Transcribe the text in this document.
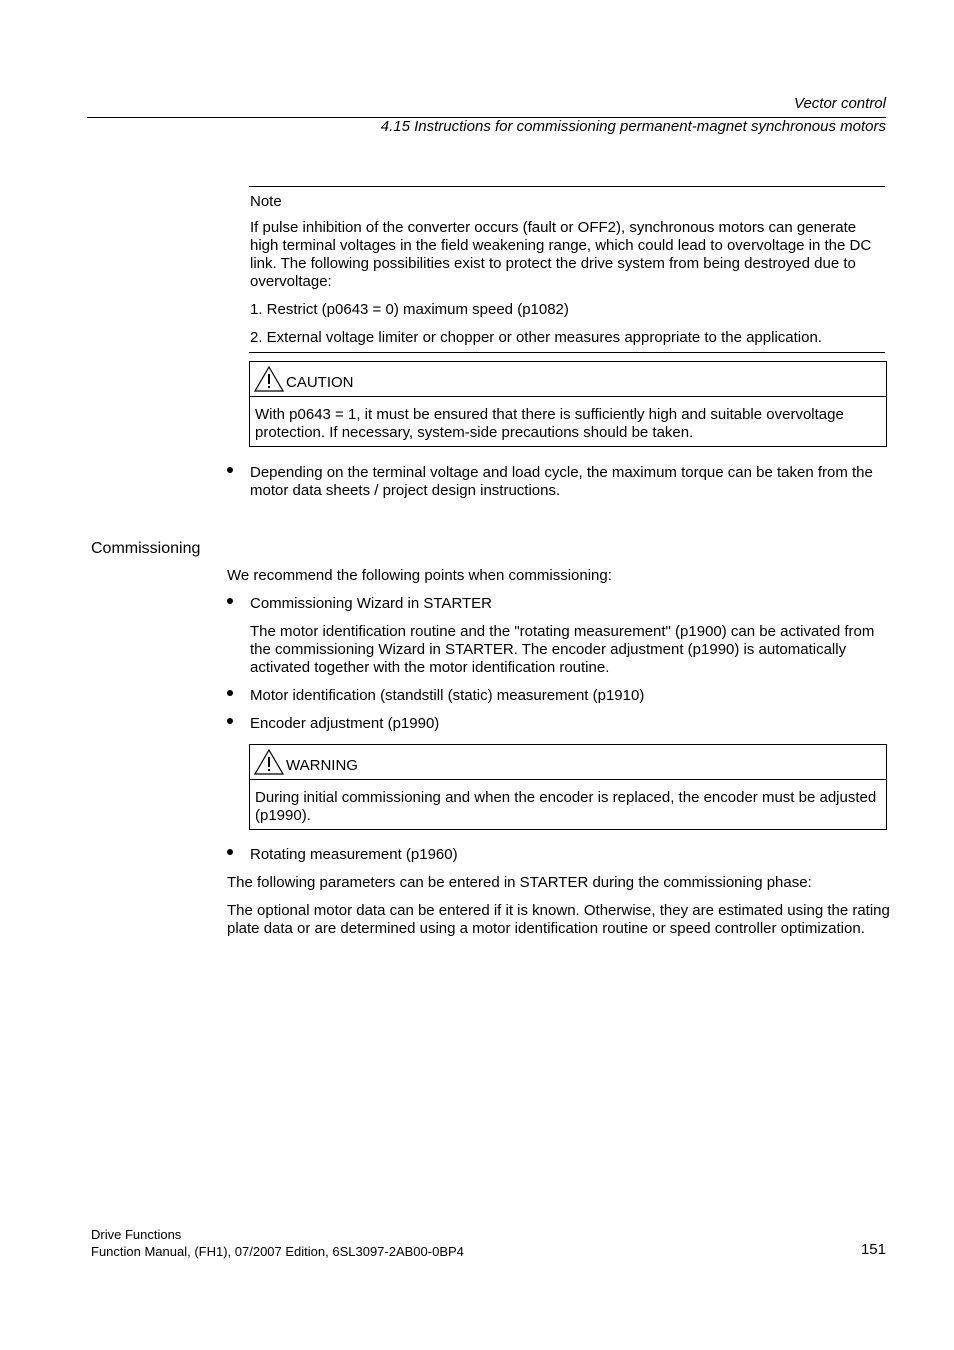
Vector control
4.15 Instructions for commissioning permanent-magnet synchronous motors
Note
If pulse inhibition of the converter occurs (fault or OFF2), synchronous motors can generate high terminal voltages in the field weakening range, which could lead to overvoltage in the DC link. The following possibilities exist to protect the drive system from being destroyed due to overvoltage:
1. Restrict (p0643 = 0) maximum speed (p1082)
2. External voltage limiter or chopper or other measures appropriate to the application.
CAUTION
With p0643 = 1, it must be ensured that there is sufficiently high and suitable overvoltage protection. If necessary, system-side precautions should be taken.
Depending on the terminal voltage and load cycle, the maximum torque can be taken from the motor data sheets / project design instructions.
Commissioning
We recommend the following points when commissioning:
Commissioning Wizard in STARTER
The motor identification routine and the "rotating measurement" (p1900) can be activated from the commissioning Wizard in STARTER. The encoder adjustment (p1990) is automatically activated together with the motor identification routine.
Motor identification (standstill (static) measurement (p1910)
Encoder adjustment (p1990)
WARNING
During initial commissioning and when the encoder is replaced, the encoder must be adjusted (p1990).
Rotating measurement (p1960)
The following parameters can be entered in STARTER during the commissioning phase:
The optional motor data can be entered if it is known. Otherwise, they are estimated using the rating plate data or are determined using a motor identification routine or speed controller optimization.
Drive Functions
Function Manual, (FH1), 07/2007 Edition, 6SL3097-2AB00-0BP4	151
